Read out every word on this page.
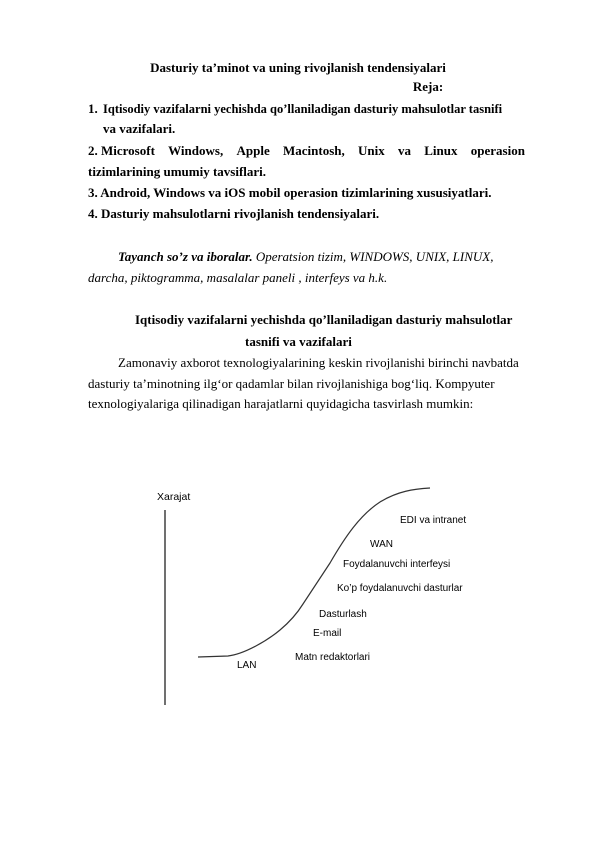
Dasturiy ta’minot va uning rivojlanish tendensiyalari
Reja:
1. Iqtisodiy vazifalarni yechishda qo’llaniladigan dasturiy mahsulotlar tasnifi
va vazifalari.
2. Microsoft Windows, Apple Macintosh, Unix va Linux operasion
tizimlarining umumiy tavsiflari.
3. Android, Windows va iOS mobil operasion tizimlarining xususiyatlari.
4. Dasturiy mahsulotlarni rivojlanish tendensiyalari.
Tayanch so’z va iboralar. Operatsion tizim, WINDOWS, UNIX, LINUX,
darcha, piktogramma, masalalar paneli , interfeys va h.k.
Iqtisodiy vazifalarni yechishda qo’llaniladigan dasturiy mahsulotlar
tasnifi va vazifalari
Zamonaviy axborot texnologiyalarining keskin rivojlanishi birinchi navbatda
dasturiy ta’minotning ilg‘or qadamlar bilan rivojlanishiga bog‘liq. Kompyuter
texnologiyalariga qilinadigan harajatlarni quyidagicha tasvirlash mumkin:
Xarajat
EDI va intranet
WAN
Foydalanuvchi interfeysi
Ko’p foydalanuvchi dasturlar
Dasturlash
E-mail
Matn redaktorlari
LAN
